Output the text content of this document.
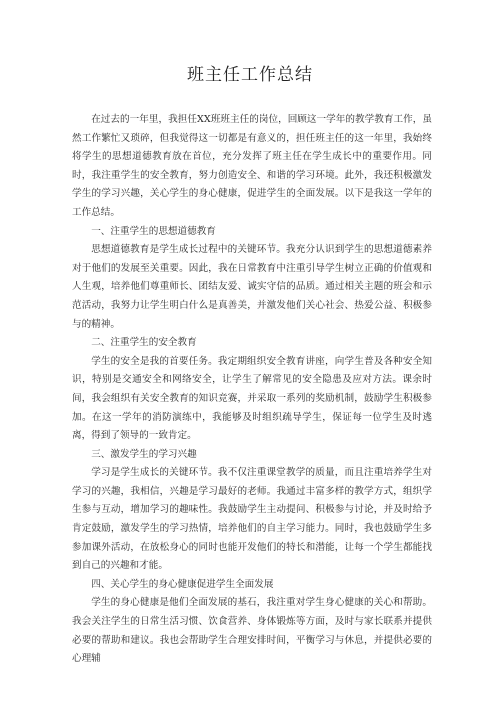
班主任工作总结

在过去的一年里，我担任XX班班主任的岗位，回顾这一学年的教学教育工作，虽然工作繁忙又琐碎，但我觉得这一切都是有意义的，担任班主任的这一年里，我始终将学生的思想道德教育放在首位，充分发挥了班主任在学生成长中的重要作用。同时，我注重学生的安全教育，努力创造安全、和谐的学习环境。此外，我还积极激发学生的学习兴趣，关心学生的身心健康，促进学生的全面发展。以下是我这一学年的工作总结。

一、注重学生的思想道德教育

思想道德教育是学生成长过程中的关键环节。我充分认识到学生的思想道德素养对于他们的发展至关重要。因此，我在日常教育中注重引导学生树立正确的价值观和人生观，培养他们尊重师长、团结友爱、诚实守信的品质。通过相关主题的班会和示范活动，我努力让学生明白什么是真善美，并激发他们关心社会、热爱公益、积极参与的精神。

二、注重学生的安全教育

学生的安全是我的首要任务。我定期组织安全教育讲座，向学生普及各种安全知识，特别是交通安全和网络安全，让学生了解常见的安全隐患及应对方法。课余时间，我会组织有关安全教育的知识竞赛，并采取一系列的奖励机制，鼓励学生积极参加。在这一学年的消防演练中，我能够及时组织疏导学生，保证每一位学生及时逃离，得到了领导的一致肯定。

三、激发学生的学习兴趣

学习是学生成长的关键环节。我不仅注重课堂教学的质量，而且注重培养学生对学习的兴趣，我相信，兴趣是学习最好的老师。我通过丰富多样的教学方式，组织学生参与互动，增加学习的趣味性。我鼓励学生主动提问、积极参与讨论，并及时给予肯定鼓励，激发学生的学习热情，培养他们的自主学习能力。同时，我也鼓励学生多参加课外活动，在放松身心的同时也能开发他们的特长和潜能，让每一个学生都能找到自己的兴趣和才能。

四、关心学生的身心健康促进学生全面发展

学生的身心健康是他们全面发展的基石，我注重对学生身心健康的关心和帮助。我会关注学生的日常生活习惯、饮食营养、身体锻炼等方面，及时与家长联系并提供必要的帮助和建议。我也会帮助学生合理安排时间，平衡学习与休息，并提供必要的心理辅
